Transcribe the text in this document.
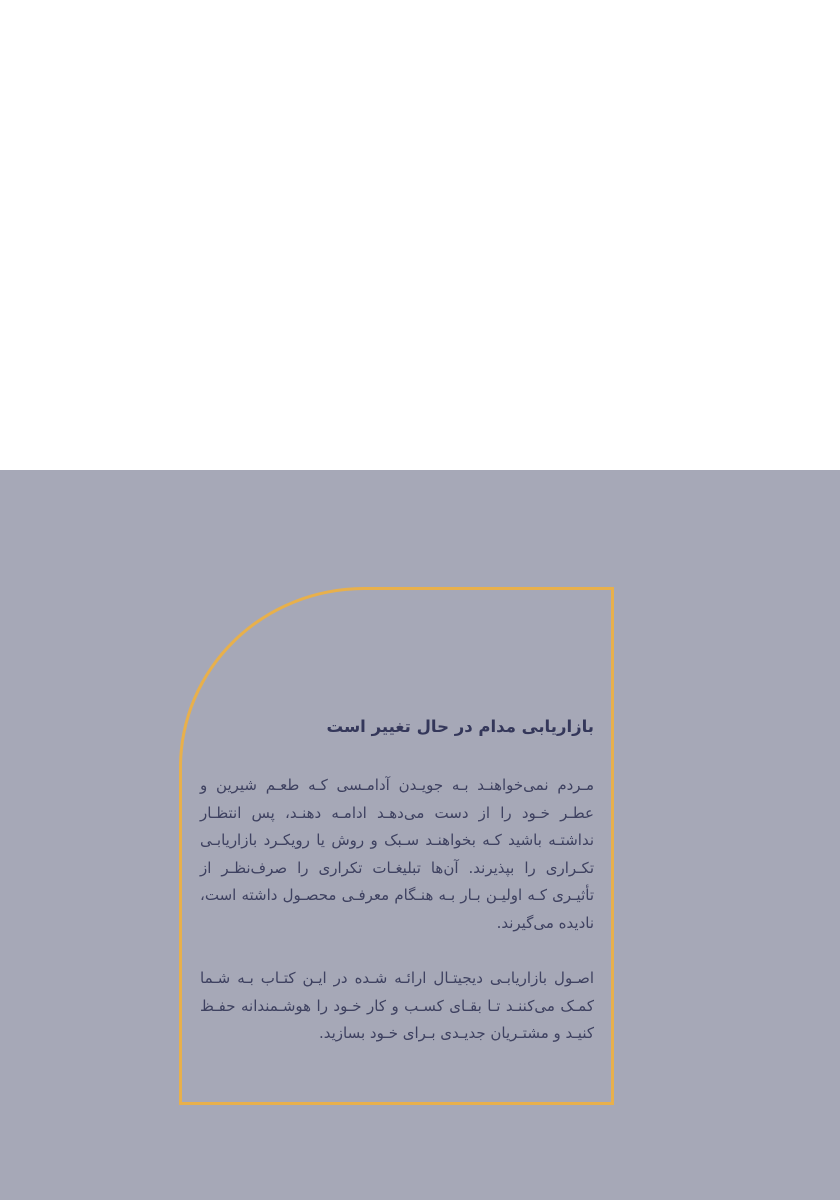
بازاریابی مدام در حال تغییر است

مـردم نمی‌خواهنـد بـه جویـدن آدامـسی کـه طعـم شیرین و عطـر خـود را از دست می‌دهـد ادامـه دهنـد، پس انتظـار نداشتـه باشید کـه بخواهنـد سـبک و روش یا رویکـرد بازاریابـی تکـراری را بپذیرند. آن‌ها تبلیغـات تکراری را صرف‌نظـر از تأثیـری کـه اولیـن بـار بـه هنـگام معرفـی محصـول داشته است، نادیده می‌گیرند.

اصـول بازاریابـی دیجیتـال ارائـه شـده در ایـن کتـاب بـه شـما کمـک می‌کننـد تـا بقـای کسـب و کار خـود را هوشـمندانه حفـظ کنیـد و مشتـریان جدیـدی بـرای خـود بسازید.
